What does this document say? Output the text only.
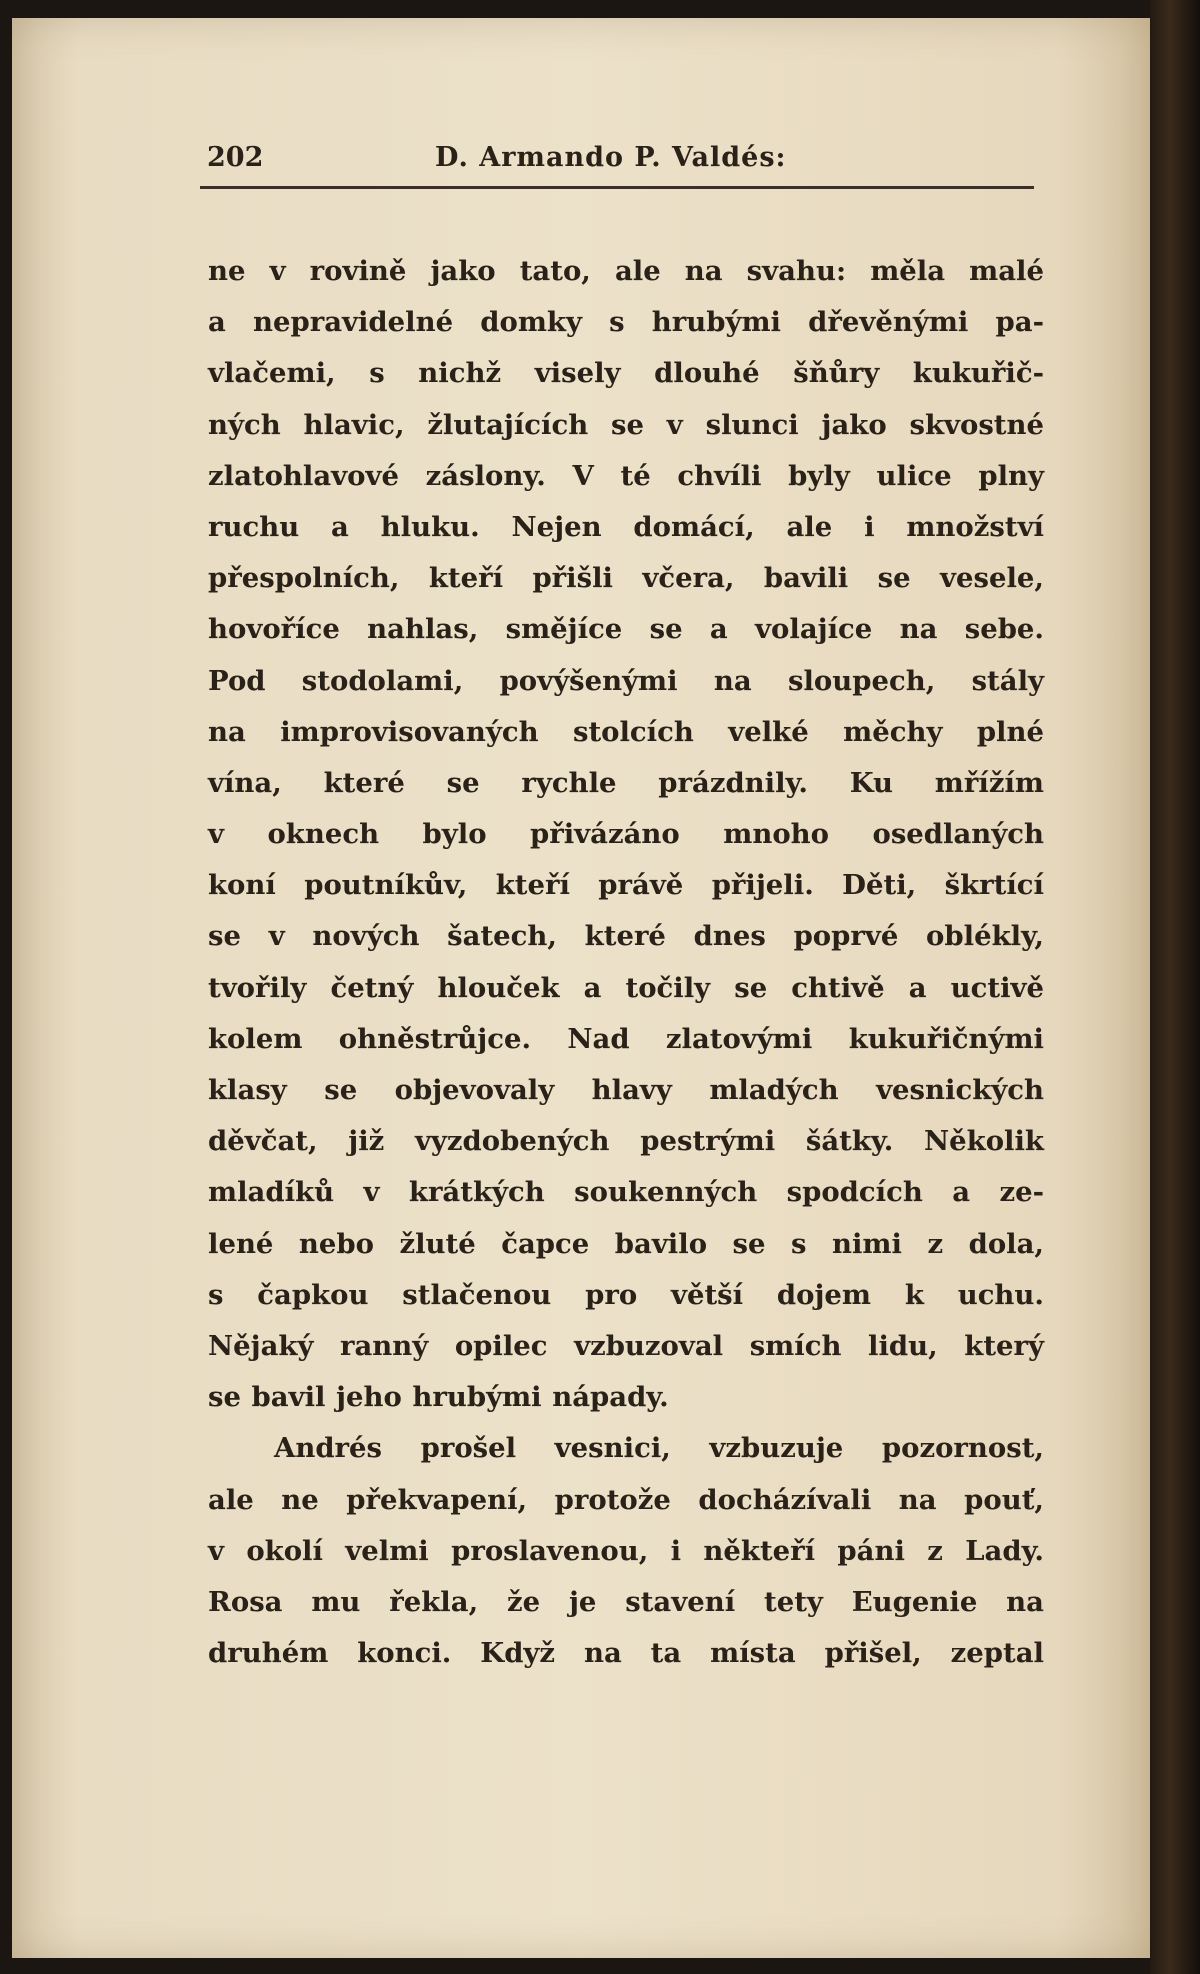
202	D. Armando P. Valdés:
ne v rovině jako tato, ale na svahu: měla malé
a nepravidelné domky s hrubými dřevěnými pa-
vlačemi, s nichž visely dlouhé šňůry kukuřič-
ných hlavic, žlutajících se v slunci jako skvostné
zlatohlavové záslony. V té chvíli byly ulice plny
ruchu a hluku. Nejen domácí, ale i množství
přespolních, kteří přišli včera, bavili se vesele,
hovoříce nahlas, smějíce se a volajíce na sebe.
Pod stodolami, povýšenými na sloupech, stály
na improvisovaných stolcích velké měchy plné
vína, které se rychle prázdnily. Ku mřížím
v oknech bylo přivázáno mnoho osedlaných
koní poutníkův, kteří právě přijeli. Děti, škrtící
se v nových šatech, které dnes poprvé oblékly,
tvořily četný hlouček a točily se chtivě a uctivě
kolem ohněstrůjce. Nad zlatovými kukuřičnými
klasy se objevovaly hlavy mladých vesnických
děvčat, již vyzdobených pestrými šátky. Několik
mladíků v krátkých soukenných spodcích a ze-
lené nebo žluté čapce bavilo se s nimi z dola,
s čapkou stlačenou pro větší dojem k uchu.
Nějaký ranný opilec vzbuzoval smích lidu, který
se bavil jeho hrubými nápady.
Andrés prošel vesnici, vzbuzuje pozornost,
ale ne překvapení, protože docházívali na pouť,
v okolí velmi proslavenou, i někteří páni z Lady.
Rosa mu řekla, že je stavení tety Eugenie na
druhém konci. Když na ta místa přišel, zeptal
